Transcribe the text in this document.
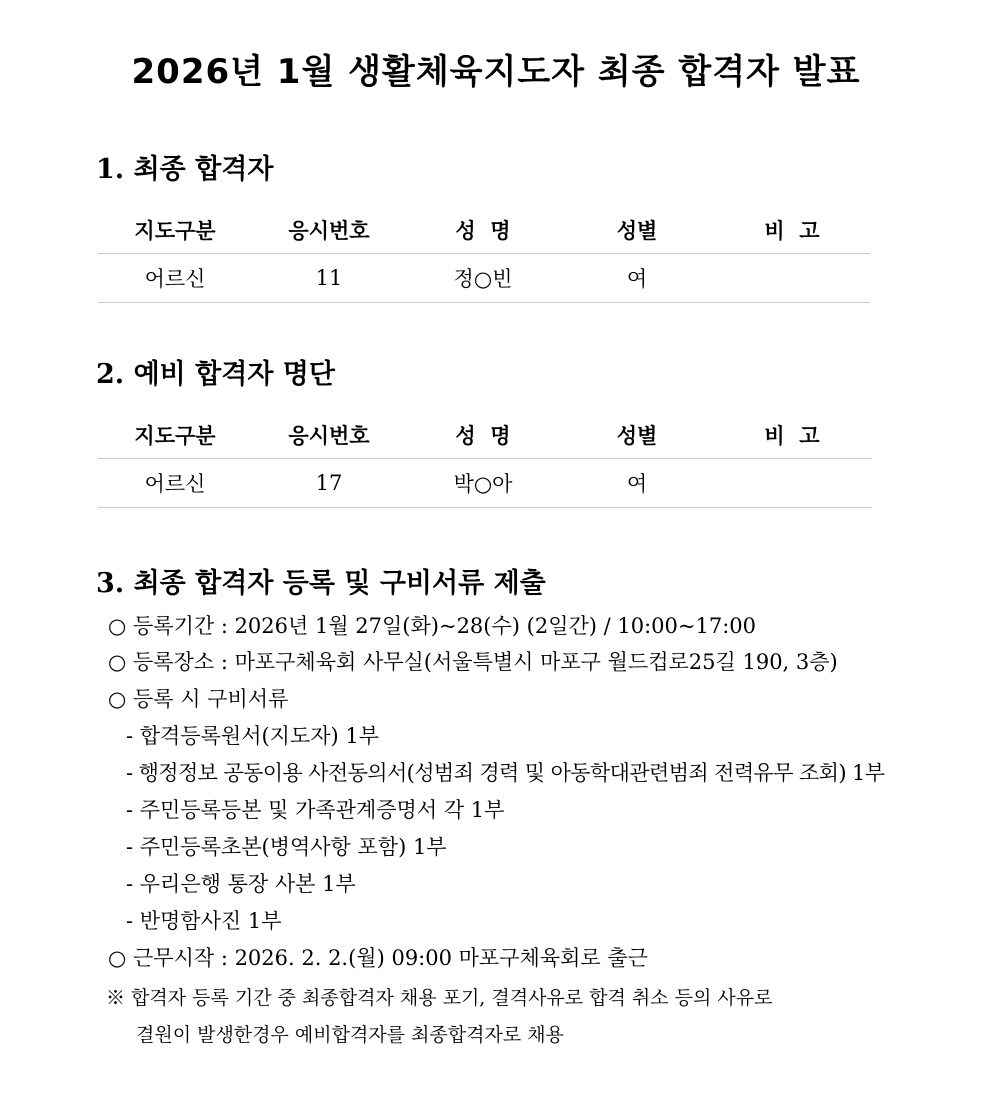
2026년 1월 생활체육지도자 최종 합격자 발표
1. 최종 합격자
지도구분	응시번호	성  명	성별	비  고
어르신	11	정○빈	여
2. 예비 합격자 명단
지도구분	응시번호	성  명	성별	비  고
어르신	17	박○아	여
3. 최종 합격자 등록 및 구비서류 제출
○ 등록기간 : 2026년 1월 27일(화)~28(수) (2일간) / 10:00~17:00
○ 등록장소 : 마포구체육회 사무실(서울특별시 마포구 월드컵로25길 190, 3층)
○ 등록 시 구비서류
- 합격등록원서(지도자) 1부
- 행정정보 공동이용 사전동의서(성범죄 경력 및 아동학대관련범죄 전력유무 조회) 1부
- 주민등록등본 및 가족관계증명서 각 1부
- 주민등록초본(병역사항 포함) 1부
- 우리은행 통장 사본 1부
- 반명함사진 1부
○ 근무시작 : 2026. 2. 2.(월) 09:00 마포구체육회로 출근
※ 합격자 등록 기간 중 최종합격자 채용 포기, 결격사유로 합격 취소 등의 사유로
결원이 발생한경우 예비합격자를 최종합격자로 채용
